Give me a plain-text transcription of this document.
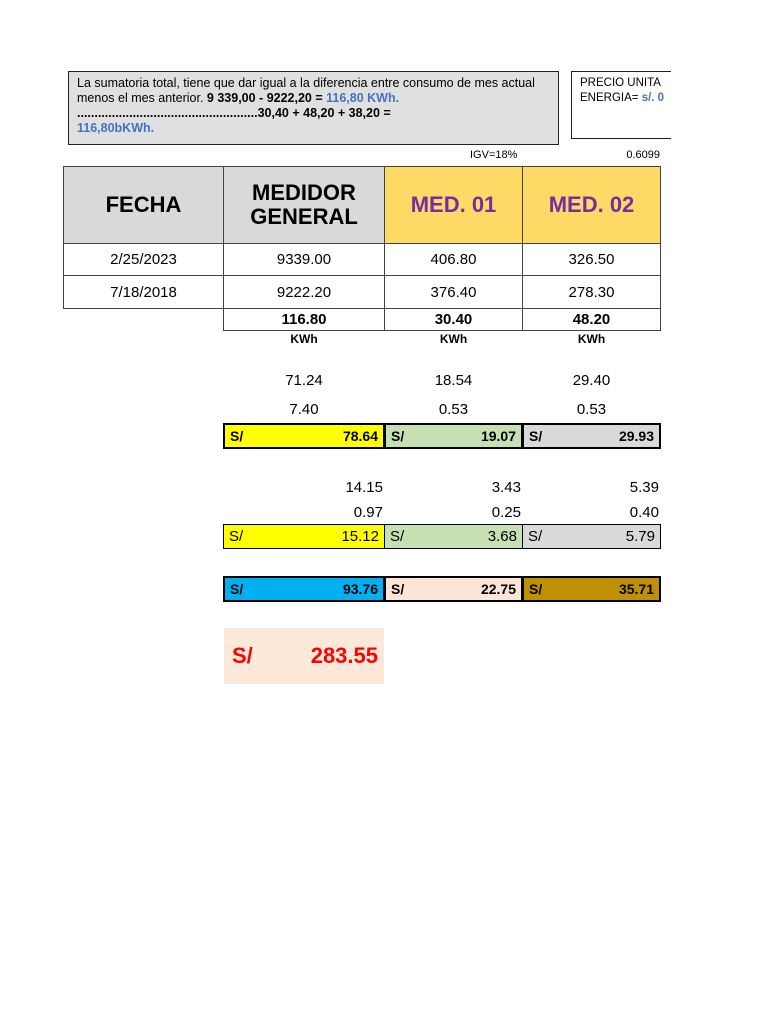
La sumatoria total, tiene que dar igual a la diferencia entre consumo de mes actual menos el mes anterior. 9 339,00 - 9222,20 = 116,80 KWh. ....................................................30,40 + 48,20 + 38,20 =
116,80bKWh.
PRECIO UNITA
ENERGIA= s/. 0
IGV=18%	0.6099
FECHA	MEDIDOR GENERAL	MED. 01	MED. 02
2/25/2023	9339.00	406.80	326.50
7/18/2018	9222.20	376.40	278.30
116.80	30.40	48.20
KWh	KWh	KWh
71.24	18.54	29.40
7.40	0.53	0.53
S/	78.64 S/	19.07 S/	29.93
14.15	3.43	5.39
0.97	0.25	0.40
S/	15.12 S/	3.68 S/	5.79
S/	93.76 S/	22.75 S/	35.71
S/	283.55
